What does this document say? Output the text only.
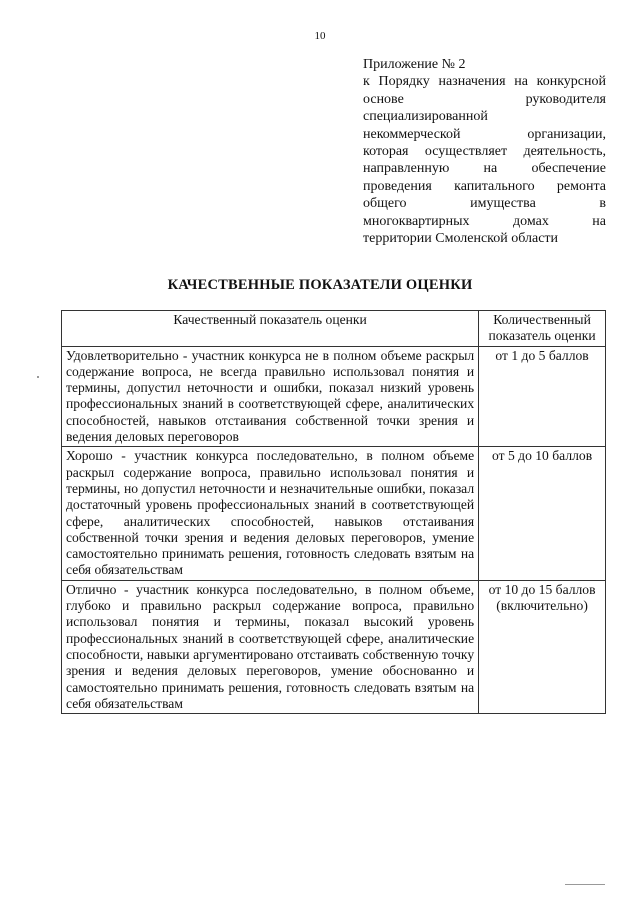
10
Приложение № 2
к Порядку назначения на конкурсной
основе руководителя
специализированной
некоммерческой организации,
которая осуществляет деятельность,
направленную на обеспечение
проведения капитального ремонта
общего имущества в
многоквартирных домах на
территории Смоленской области
КАЧЕСТВЕННЫЕ ПОКАЗАТЕЛИ ОЦЕНКИ
Качественный показатель оценки	Количественный показатель оценки
Удовлетворительно - участник конкурса не в полном объеме раскрыл содержание вопроса, не всегда правильно использовал понятия и термины, допустил неточности и ошибки, показал низкий уровень профессиональных знаний в соответствующей сфере, аналитических способностей, навыков отстаивания собственной точки зрения и ведения деловых переговоров	от 1 до 5 баллов
Хорошо - участник конкурса последовательно, в полном объеме раскрыл содержание вопроса, правильно использовал понятия и термины, но допустил неточности и незначительные ошибки, показал достаточный уровень профессиональных знаний в соответствующей сфере, аналитических способностей, навыков отстаивания собственной точки зрения и ведения деловых переговоров, умение самостоятельно принимать решения, готовность следовать взятым на себя обязательствам	от 5 до 10 баллов
Отлично - участник конкурса последовательно, в полном объеме, глубоко и правильно раскрыл содержание вопроса, правильно использовал понятия и термины, показал высокий уровень профессиональных знаний в соответствующей сфере, аналитические способности, навыки аргументировано отстаивать собственную точку зрения и ведения деловых переговоров, умение обоснованно и самостоятельно принимать решения, готовность следовать взятым на себя обязательствам	от 10 до 15 баллов (включительно)
